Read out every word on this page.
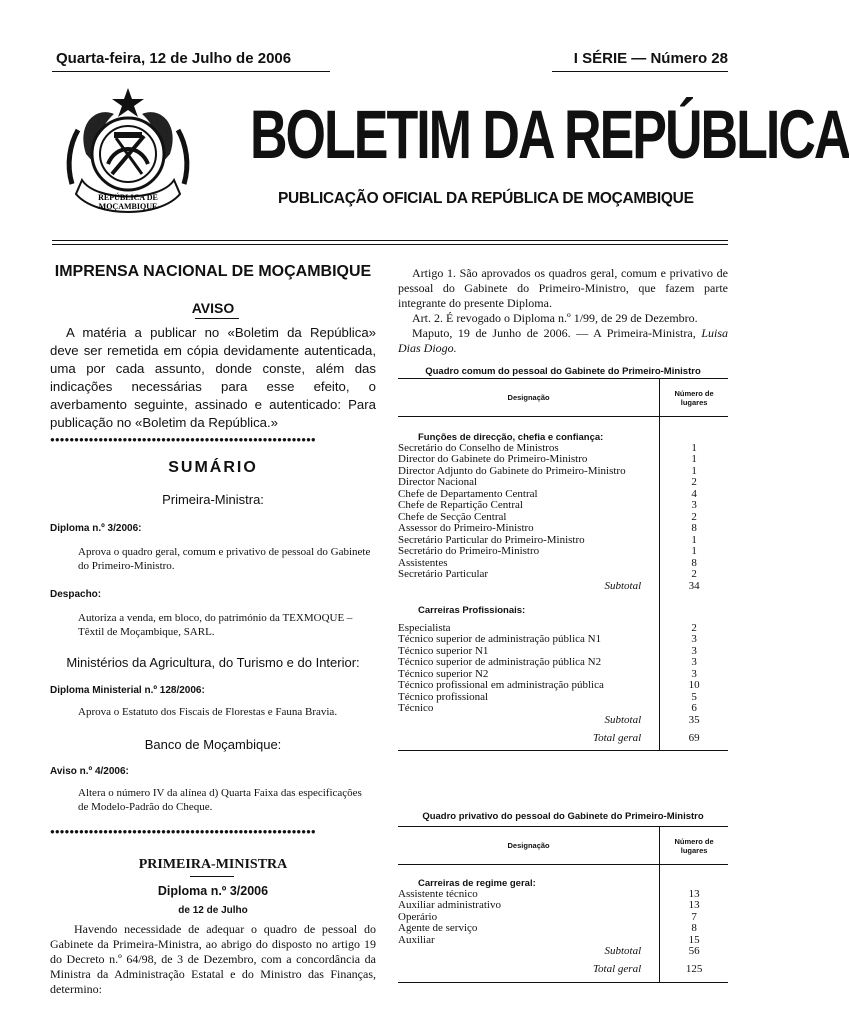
Quarta-feira, 12 de Julho de 2006	I SÉRIE — Número 28
REPÚBLICA DE
MOÇAMBIQUE
BOLETIM DA REPÚBLICA
PUBLICAÇÃO OFICIAL DA REPÚBLICA DE MOÇAMBIQUE
IMPRENSA NACIONAL DE MOÇAMBIQUE
AVISO
A matéria a publicar no «Boletim da República» deve ser remetida em cópia devidamente autenticada, uma por cada assunto, donde conste, além das indicações necessárias para esse efeito, o averbamento seguinte, assinado e autenticado: Para publicação no «Boletim da República.»
●●●●●●●●●●●●●●●●●●●●●●●●●●●●●●●●●●●●●●●●●●●●●●●●●●●●●●●
SUMÁRIO
Primeira-Ministra:
Diploma n.º 3/2006:
Aprova o quadro geral, comum e privativo de pessoal do Gabinete do Primeiro-Ministro.
Despacho:
Autoriza a venda, em bloco, do património da TEXMOQUE – Têxtil de Moçambique, SARL.
Ministérios da Agricultura, do Turismo e do Interior:
Diploma Ministerial n.º 128/2006:
Aprova o Estatuto dos Fiscais de Florestas e Fauna Bravia.
Banco de Moçambique:
Aviso n.º 4/2006:
Altera o número IV da alínea d) Quarta Faixa das especificações de Modelo-Padrão do Cheque.
●●●●●●●●●●●●●●●●●●●●●●●●●●●●●●●●●●●●●●●●●●●●●●●●●●●●●●●
PRIMEIRA-MINISTRA
Diploma n.º 3/2006
de 12 de Julho
Havendo necessidade de adequar o quadro de pessoal do Gabinete da Primeira-Ministra, ao abrigo do disposto no artigo 19 do Decreto n.º 64/98, de 3 de Dezembro, com a concordância da Ministra da Administração Estatal e do Ministro das Finanças, determino:
Artigo 1. São aprovados os quadros geral, comum e privativo de pessoal do Gabinete do Primeiro-Ministro, que fazem parte integrante do presente Diploma.
Art. 2. É revogado o Diploma n.º 1/99, de 29 de Dezembro.
Maputo, 19 de Junho de 2006. — A Primeira-Ministra, Luisa Dias Diogo.
Quadro comum do pessoal do Gabinete do Primeiro-Ministro
Designação	Número de lugares
Funções de direcção, chefia e confiança:	
Secretário do Conselho de Ministros	1
Director do Gabinete do Primeiro-Ministro	1
Director Adjunto do Gabinete do Primeiro-Ministro	1
Director Nacional	2
Chefe de Departamento Central	4
Chefe de Repartição Central	3
Chefe de Secção Central	2
Assessor do Primeiro-Ministro	8
Secretário Particular do Primeiro-Ministro	1
Secretário do Primeiro-Ministro	1
Assistentes	8
Secretário Particular	2
Subtotal	34
Carreiras Profissionais:	
Especialista	2
Técnico superior de administração pública N1	3
Técnico superior N1	3
Técnico superior de administração pública N2	3
Técnico superior N2	3
Técnico profissional em administração pública	10
Técnico profissional	5
Técnico	6
Subtotal	35
Total geral	69
Quadro privativo do pessoal do Gabinete do Primeiro-Ministro
Designação	Número de lugares
Carreiras de regime geral:	
Assistente técnico	13
Auxiliar administrativo	13
Operário	7
Agente de serviço	8
Auxiliar	15
Subtotal	56
Total geral	125
